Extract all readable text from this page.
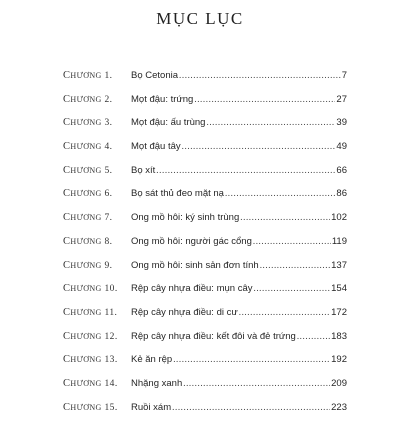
MỤC LỤC
CHƯƠNG 1.	Bọ Cetonia .....	7
CHƯƠNG 2.	Mọt đậu: trứng .....	27
CHƯƠNG 3.	Mọt đậu: ấu trùng .....	39
CHƯƠNG 4.	Mọt đậu tây .....	49
CHƯƠNG 5.	Bọ xít .....	66
CHƯƠNG 6.	Bọ sát thủ đeo mặt nạ .....	86
CHƯƠNG 7.	Ong mồ hôi: ký sinh trùng .....	102
CHƯƠNG 8.	Ong mồ hôi: người gác cổng .....	119
CHƯƠNG 9.	Ong mồ hôi: sinh sản đơn tính .....	137
CHƯƠNG 10.	Rệp cây nhựa điều: mụn cây .....	154
CHƯƠNG 11.	Rệp cây nhựa điều: di cư .....	172
CHƯƠNG 12.	Rệp cây nhựa điều: kết đôi và đẻ trứng .....	183
CHƯƠNG 13.	Kẻ ăn rệp .....	192
CHƯƠNG 14.	Nhặng xanh .....	209
CHƯƠNG 15.	Ruồi xám .....	223
